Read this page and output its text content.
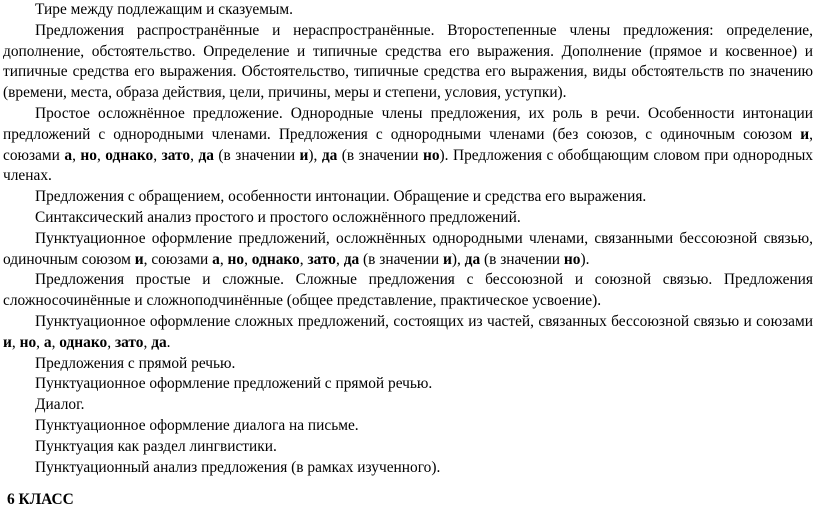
Тире между подлежащим и сказуемым.

Предложения распространённые и нераспространённые. Второстепенные члены предложения: определение, дополнение, обстоятельство. Определение и типичные средства его выражения. Дополнение (прямое и косвенное) и типичные средства его выражения. Обстоятельство, типичные средства его выражения, виды обстоятельств по значению (времени, места, образа действия, цели, причины, меры и степени, условия, уступки).

Простое осложнённое предложение. Однородные члены предложения, их роль в речи. Особенности интонации предложений с однородными членами. Предложения с однородными членами (без союзов, с одиночным союзом и, союзами а, но, однако, зато, да (в значении и), да (в значении но). Предложения с обобщающим словом при однородных членах.

Предложения с обращением, особенности интонации. Обращение и средства его выражения.

Синтаксический анализ простого и простого осложнённого предложений.

Пунктуационное оформление предложений, осложнённых однородными членами, связанными бессоюзной связью, одиночным союзом и, союзами а, но, однако, зато, да (в значении и), да (в значении но).

Предложения простые и сложные. Сложные предложения с бессоюзной и союзной связью. Предложения сложносочинённые и сложноподчинённые (общее представление, практическое усвоение).

Пунктуационное оформление сложных предложений, состоящих из частей, связанных бессоюзной связью и союзами и, но, а, однако, зато, да.

Предложения с прямой речью.

Пунктуационное оформление предложений с прямой речью.

Диалог.

Пунктуационное оформление диалога на письме.

Пунктуация как раздел лингвистики.

Пунктуационный анализ предложения (в рамках изученного).

6 КЛАСС
